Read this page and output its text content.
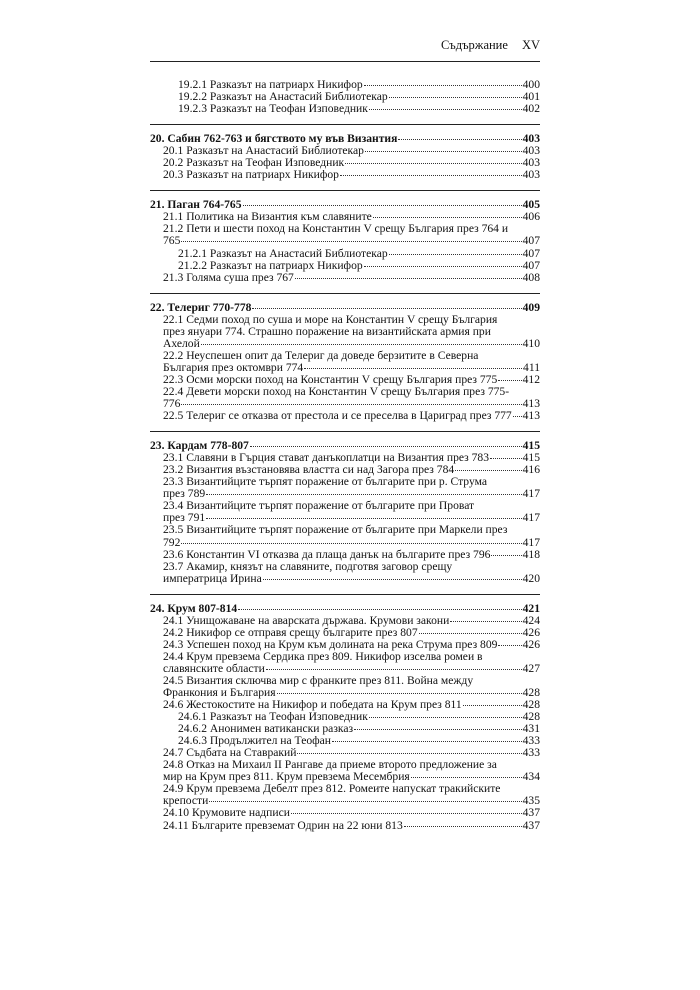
Съдържание XV
19.2.1 Разказът на патриарх Никифор	400
19.2.2 Разказът на Анастасий Библиотекар	401
19.2.3 Разказът на Теофан Изповедник	402
20. Сабин 762-763 и бягството му във Византия	403
20.1 Разказът на Анастасий Библиотекар	403
20.2 Разказът на Теофан Изповедник	403
20.3 Разказът на патриарх Никифор	403
21. Паган 764-765	405
21.1 Политика на Византия към славяните	406
21.2 Пети и шести поход на Константин V срещу България през 764 и
765	407
21.2.1 Разказът на Анастасий Библиотекар	407
21.2.2 Разказът на патриарх Никифор	407
21.3 Голяма суша през 767	408
22. Телериг 770-778	409
22.1 Седми поход по суша и море на Константин V срещу България
през януари 774. Страшно поражение на византийската армия при
Ахелой	410
22.2 Неуспешен опит да Телериг да доведе берзитите в Северна
България през октомври 774	411
22.3 Осми морски поход на Константин V срещу България през 775 412
22.4 Девети морски поход на Константин V срещу България през 775-
776	413
22.5 Телериг се отказва от престола и се преселва в Цариград през 777 413
23. Кардам 778-807	415
23.1 Славяни в Гърция стават данъкоплатци на Византия през 783	415
23.2 Византия възстановява властта си над Загора през 784	416
23.3 Византийците търпят поражение от българите при р. Струма
през 789	417
23.4 Византийците търпят поражение от българите при Проват
през 791	417
23.5 Византийците търпят поражение от българите при Маркели през
792	417
23.6 Константин VI отказва да плаща данък на българите през 796	418
23.7 Акамир, князът на славяните, подготвя заговор срещу
императрица Ирина	420
24. Крум 807-814	421
24.1 Унищожаване на аварската държава. Крумови закони	424
24.2 Никифор се отправя срещу българите през 807	426
24.3 Успешен поход на Крум към долината на река Струма през 809 426
24.4 Крум превзема Сердика през 809. Никифор изселва ромеи в
славянските области	427
24.5 Византия сключва мир с франките през 811. Война между
Франкония и България	428
24.6 Жестокостите на Никифор и победата на Крум през 811	428
24.6.1 Разказът на Теофан Изповедник	428
24.6.2 Анонимен ватикански разказ	431
24.6.3 Продължител на Теофан	433
24.7 Съдбата на Ставракий	433
24.8 Отказ на Михаил II Рангаве да приеме второто предложение за
мир на Крум през 811. Крум превзема Месембрия	434
24.9 Крум превзема Дебелт през 812. Ромеите напускат тракийските
крепости	435
24.10 Крумовите надписи	437
24.11 Българите превземат Одрин на 22 юни 813	437
